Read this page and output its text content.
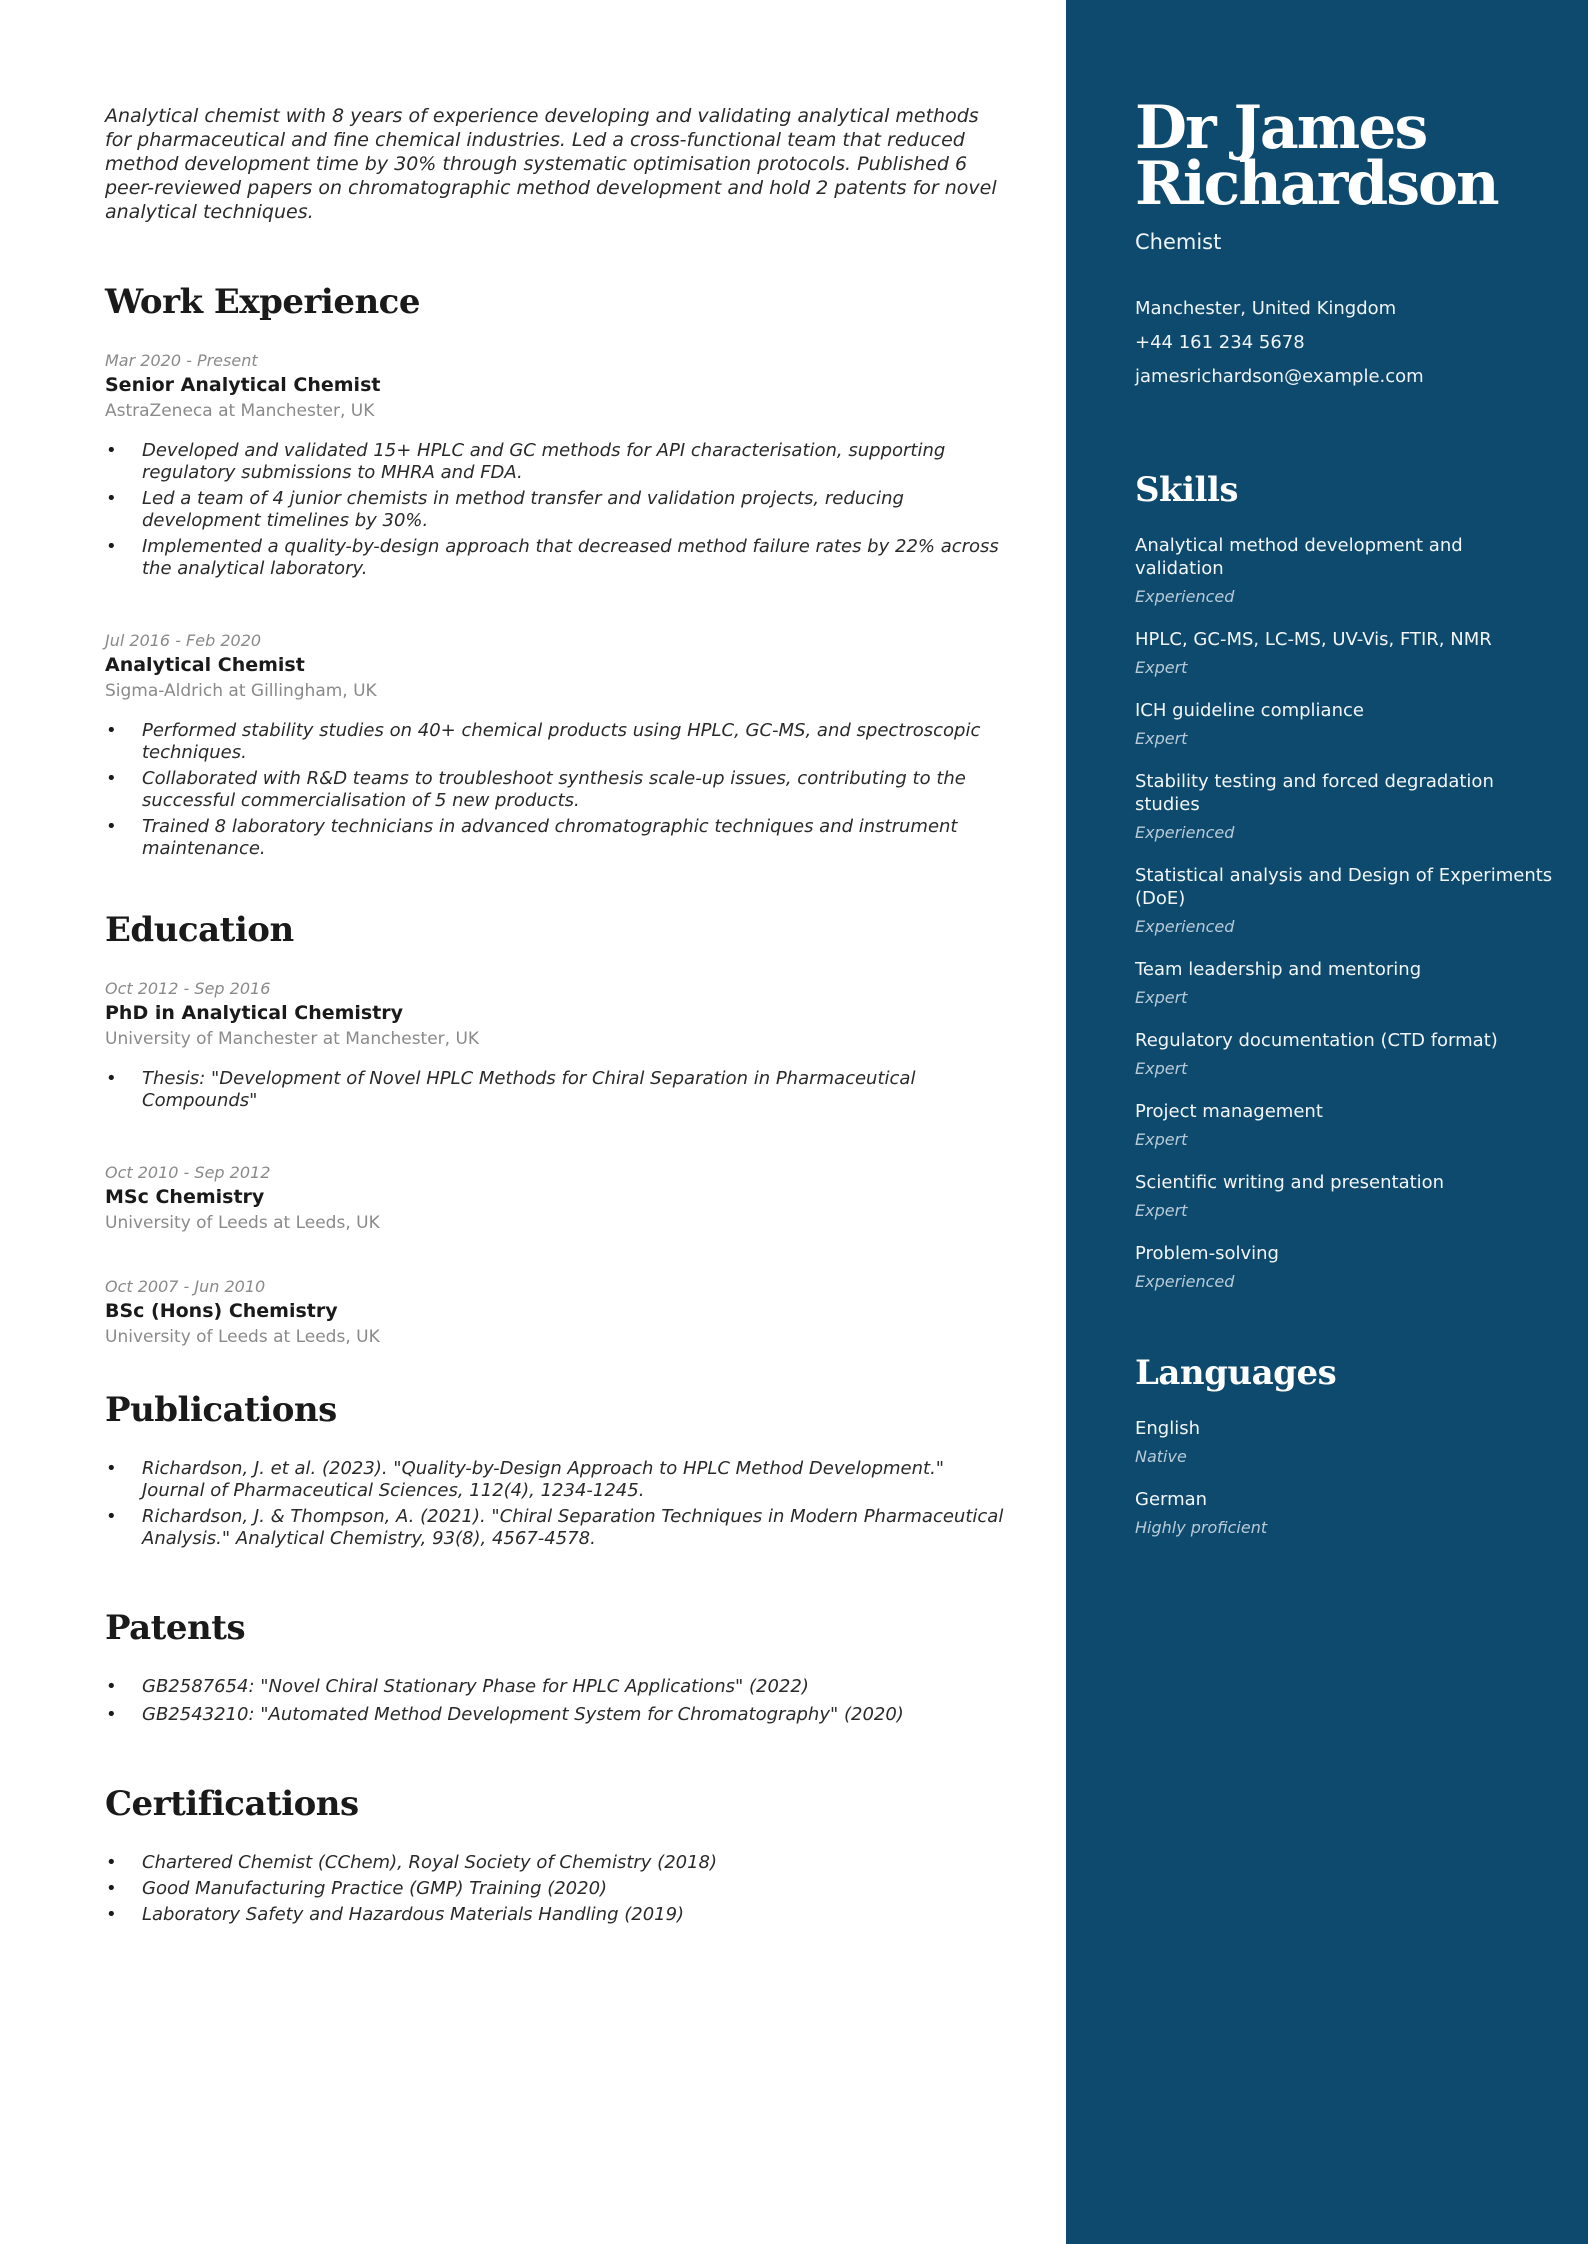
Analytical chemist with 8 years of experience developing and validating analytical methods for pharmaceutical and fine chemical industries. Led a cross-functional team that reduced method development time by 30% through systematic optimisation protocols. Published 6 peer-reviewed papers on chromatographic method development and hold 2 patents for novel analytical techniques.

Work Experience
Mar 2020 - Present
Senior Analytical Chemist
AstraZeneca at Manchester, UK
• Developed and validated 15+ HPLC and GC methods for API characterisation, supporting regulatory submissions to MHRA and FDA.
• Led a team of 4 junior chemists in method transfer and validation projects, reducing development timelines by 30%.
• Implemented a quality-by-design approach that decreased method failure rates by 22% across the analytical laboratory.
Jul 2016 - Feb 2020
Analytical Chemist
Sigma-Aldrich at Gillingham, UK
• Performed stability studies on 40+ chemical products using HPLC, GC-MS, and spectroscopic techniques.
• Collaborated with R&D teams to troubleshoot synthesis scale-up issues, contributing to the successful commercialisation of 5 new products.
• Trained 8 laboratory technicians in advanced chromatographic techniques and instrument maintenance.
Education
Oct 2012 - Sep 2016
PhD in Analytical Chemistry
University of Manchester at Manchester, UK
• Thesis: "Development of Novel HPLC Methods for Chiral Separation in Pharmaceutical Compounds"
Oct 2010 - Sep 2012
MSc Chemistry
University of Leeds at Leeds, UK
Oct 2007 - Jun 2010
BSc (Hons) Chemistry
University of Leeds at Leeds, UK
Publications
• Richardson, J. et al. (2023). "Quality-by-Design Approach to HPLC Method Development." Journal of Pharmaceutical Sciences, 112(4), 1234-1245.
• Richardson, J. & Thompson, A. (2021). "Chiral Separation Techniques in Modern Pharmaceutical Analysis." Analytical Chemistry, 93(8), 4567-4578.
Patents
• GB2587654: "Novel Chiral Stationary Phase for HPLC Applications" (2022)
• GB2543210: "Automated Method Development System for Chromatography" (2020)
Certifications
• Chartered Chemist (CChem), Royal Society of Chemistry (2018)
• Good Manufacturing Practice (GMP) Training (2020)
• Laboratory Safety and Hazardous Materials Handling (2019)
Dr James
Richardson
Chemist
Manchester, United Kingdom
+44 161 234 5678
jamesrichardson@example.com
Skills
Analytical method development and validation
Experienced
HPLC, GC-MS, LC-MS, UV-Vis, FTIR, NMR
Expert
ICH guideline compliance
Expert
Stability testing and forced degradation studies
Experienced
Statistical analysis and Design of Experiments (DoE)
Experienced
Team leadership and mentoring
Expert
Regulatory documentation (CTD format)
Expert
Project management
Expert
Scientific writing and presentation
Expert
Problem-solving
Experienced
Languages
English
Native
German
Highly proficient
